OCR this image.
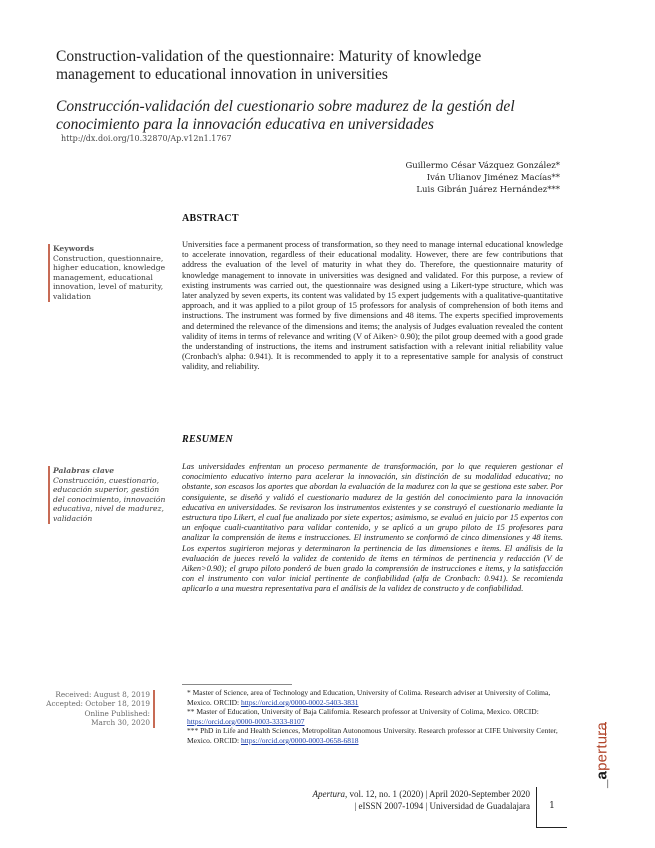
Construction-validation of the questionnaire: Maturity of knowledge management to educational innovation in universities
Construcción-validación del cuestionario sobre madurez de la gestión del conocimiento para la innovación educativa en universidades
http://dx.doi.org/10.32870/Ap.v12n1.1767
Guillermo César Vázquez González*
Iván Ulianov Jiménez Macías**
Luis Gibrán Juárez Hernández***
ABSTRACT
Keywords
Construction, questionnaire, higher education, knowledge management, educational innovation, level of maturity, validation
Universities face a permanent process of transformation, so they need to manage internal educational knowledge to accelerate innovation, regardless of their educational modality. However, there are few contributions that address the evaluation of the level of maturity in what they do. Therefore, the questionnaire maturity of knowledge management to innovate in universities was designed and validated. For this purpose, a review of existing instruments was carried out, the questionnaire was designed using a Likert-type structure, which was later analyzed by seven experts, its content was validated by 15 expert judgements with a qualitative-quantitative approach, and it was applied to a pilot group of 15 professors for analysis of comprehension of both items and instructions. The instrument was formed by five dimensions and 48 items. The experts specified improvements and determined the relevance of the dimensions and items; the analysis of Judges evaluation revealed the content validity of items in terms of relevance and writing (V of Aiken> 0.90); the pilot group deemed with a good grade the understanding of instructions, the items and instrument satisfaction with a relevant initial reliability value (Cronbach's alpha: 0.941). It is recommended to apply it to a representative sample for analysis of construct validity, and reliability.
RESUMEN
Palabras clave
Construcción, cuestionario, educación superior, gestión del conocimiento, innovación educativa, nivel de madurez, validación
Las universidades enfrentan un proceso permanente de transformación, por lo que requieren gestionar el conocimiento educativo interno para acelerar la innovación, sin distinción de su modalidad educativa; no obstante, son escasos los aportes que abordan la evaluación de la madurez con la que se gestiona este saber. Por consiguiente, se diseñó y validó el cuestionario madurez de la gestión del conocimiento para la innovación educativa en universidades. Se revisaron los instrumentos existentes y se construyó el cuestionario mediante la estructura tipo Likert, el cual fue analizado por siete expertos; asimismo, se evaluó en juicio por 15 expertos con un enfoque cuali-cuantitativo para validar contenido, y se aplicó a un grupo piloto de 15 profesores para analizar la comprensión de ítems e instrucciones. El instrumento se conformó de cinco dimensiones y 48 ítems. Los expertos sugirieron mejoras y determinaron la pertinencia de las dimensiones e ítems. El análisis de la evaluación de jueces reveló la validez de contenido de ítems en términos de pertinencia y redacción (V de Aiken>0.90); el grupo piloto ponderó de buen grado la comprensión de instrucciones e ítems, y la satisfacción con el instrumento con valor inicial pertinente de confiabilidad (alfa de Cronbach: 0.941). Se recomienda aplicarlo a una muestra representativa para el análisis de la validez de constructo y de confiabilidad.
Received: August 8, 2019
Accepted: October 18, 2019
Online Published:
March 30, 2020
* Master of Science, area of Technology and Education, University of Colima. Research adviser at University of Colima, Mexico. ORCID: https://orcid.org/0000-0002-5403-3831
** Master of Education, University of Baja California. Research professor at University of Colima, Mexico. ORCID: https://orcid.org/0000-0003-3333-8107
*** PhD in Life and Health Sciences, Metropolitan Autonomous University. Research professor at CIFE University Center, Mexico. ORCID: https://orcid.org/0000-0003-0658-6818
_apertura
Apertura, vol. 12, no. 1 (2020) | April 2020-September 2020
| eISSN 2007-1094 | Universidad de Guadalajara	1
